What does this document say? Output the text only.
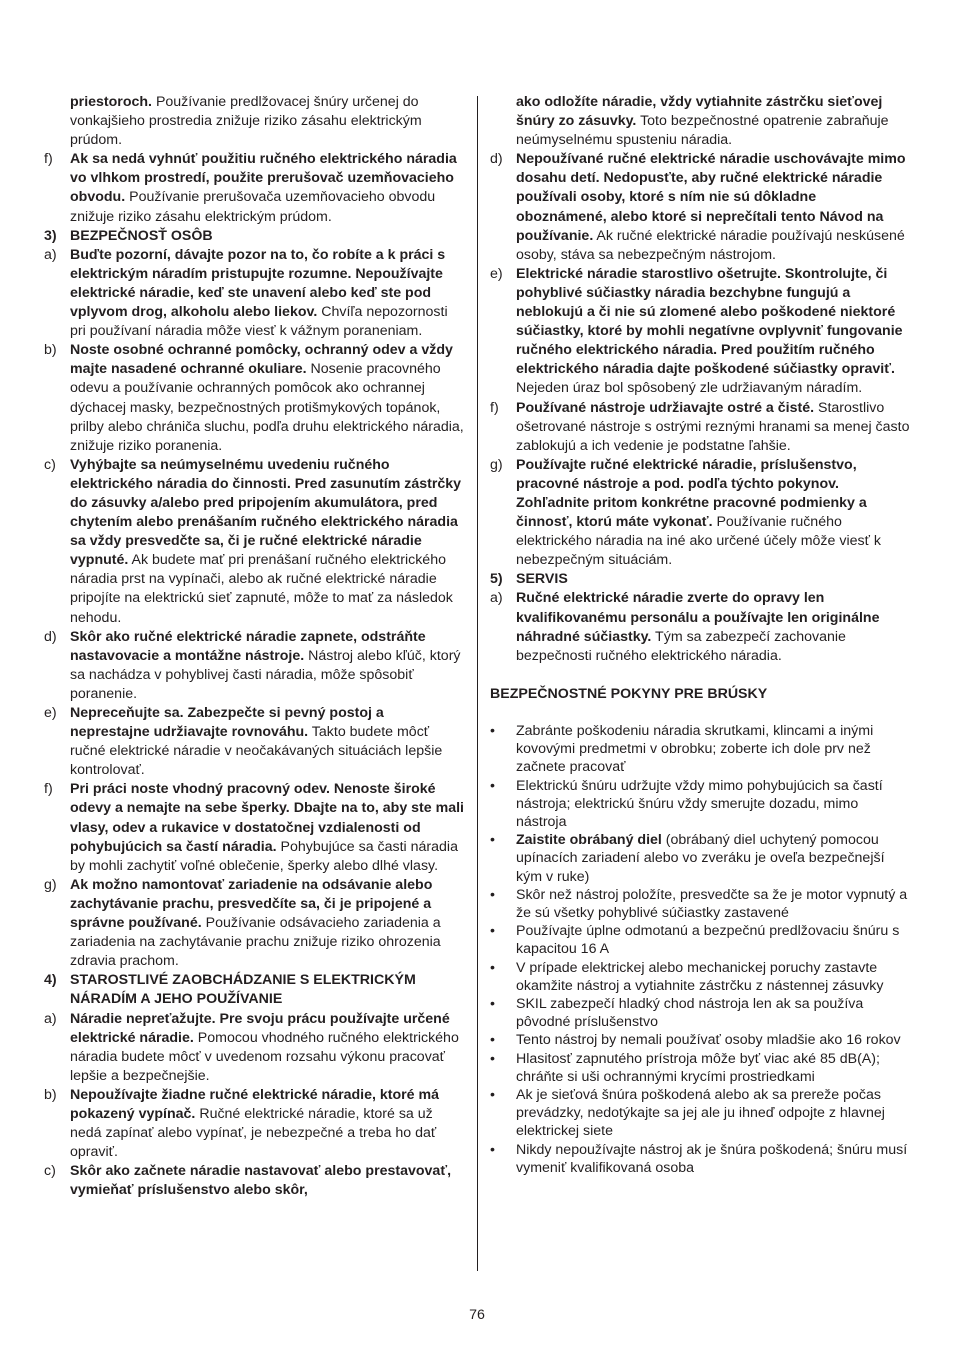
priestoroch. Používanie predlžovacej šnúry určenej do vonkajšieho prostredia znižuje riziko zásahu elektrickým prúdom.
f)	Ak sa nedá vyhnúť použitiu ručného elektrického náradia vo vlhkom prostredí, použite prerušovač uzemňovacieho obvodu. Používanie prerušovača uzemňovacieho obvodu znižuje riziko zásahu elektrickým prúdom.
3) BEZPEČNOSŤ OSÔB
a) Buďte pozorní, dávajte pozor na to, čo robíte a k práci s elektrickým náradím pristupujte rozumne. Nepoužívajte elektrické náradie, keď ste unavení alebo keď ste pod vplyvom drog, alkoholu alebo liekov. Chvíľa nepozornosti pri používaní náradia môže viesť k vážnym poraneniam.
b) Noste osobné ochranné pomôcky, ochranný odev a vždy majte nasadené ochranné okuliare. Nosenie pracovného odevu a používanie ochranných pomôcok ako ochrannej dýchacej masky, bezpečnostných protišmykových topánok, prilby alebo chrániča sluchu, podľa druhu elektrického náradia, znižuje riziko poranenia.
c) Vyhýbajte sa neúmyselnému uvedeniu ručného elektrického náradia do činnosti. Pred zasunutím zástrčky do zásuvky a/alebo pred pripojením akumulátora, pred chytením alebo prenášaním ručného elektrického náradia sa vždy presvedčte sa, či je ručné elektrické náradie vypnuté. Ak budete mať pri prenášaní ručného elektrického náradia prst na vypínači, alebo ak ručné elektrické náradie pripojíte na elektrickú sieť zapnuté, môže to mať za následok nehodu.
d) Skôr ako ručné elektrické náradie zapnete, odstráňte nastavovacie a montážne nástroje. Nástroj alebo kľúč, ktorý sa nachádza v pohyblivej časti náradia, môže spôsobiť poranenie.
e) Nepreceňujte sa. Zabezpečte si pevný postoj a neprestajne udržiavajte rovnováhu. Takto budete môcť ručné elektrické náradie v neočakávaných situáciách lepšie kontrolovať.
f)	Pri práci noste vhodný pracovný odev. Nenoste široké odevy a nemajte na sebe šperky. Dbajte na to, aby ste mali vlasy, odev a rukavice v dostatočnej vzdialenosti od pohybujúcich sa častí náradia. Pohybujúce sa časti náradia by mohli zachytiť voľné oblečenie, šperky alebo dlhé vlasy.
g) Ak možno namontovať zariadenie na odsávanie alebo zachytávanie prachu, presvedčíte sa, či je pripojené a správne používané. Používanie odsávacieho zariadenia a zariadenia na zachytávanie prachu znižuje riziko ohrozenia zdravia prachom.
4) STAROSTLIVÉ ZAOBCHÁDZANIE S ELEKTRICKÝM NÁRADÍM A JEHO POUŽÍVANIE
a) Náradie nepreťažujte. Pre svoju prácu používajte určené elektrické náradie. Pomocou vhodného ručného elektrického náradia budete môcť v uvedenom rozsahu výkonu pracovať lepšie a bezpečnejšie.
b) Nepoužívajte žiadne ručné elektrické náradie, ktoré má pokazený vypínač. Ručné elektrické náradie, ktoré sa už nedá zapínať alebo vypínať, je nebezpečné a treba ho dať opraviť.
c) Skôr ako začnete náradie nastavovať alebo prestavovať, vymieňať príslušenstvo alebo skôr,
ako odložíte náradie, vždy vytiahnite zástrčku sieťovej šnúry zo zásuvky. Toto bezpečnostné opatrenie zabraňuje neúmyselnému spusteniu náradia.
d) Nepoužívané ručné elektrické náradie uschovávajte mimo dosahu detí. Nedopusťte, aby ručné elektrické náradie používali osoby, ktoré s ním nie sú dôkladne oboznámené, alebo ktoré si neprečítali tento Návod na používanie. Ak ručné elektrické náradie používajú neskúsené osoby, stáva sa nebezpečným nástrojom.
e) Elektrické náradie starostlivo ošetrujte. Skontrolujte, či pohyblivé súčiastky náradia bezchybne fungujú a neblokujú a či nie sú zlomené alebo poškodené niektoré súčiastky, ktoré by mohli negatívne ovplyvniť fungovanie ručného elektrického náradia. Pred použitím ručného elektrického náradia dajte poškodené súčiastky opraviť. Nejeden úraz bol spôsobený zle udržiavaným náradím.
f)	Používané nástroje udržiavajte ostré a čisté. Starostlivo ošetrované nástroje s ostrými reznými hranami sa menej často zablokujú a ich vedenie je podstatne ľahšie.
g) Používajte ručné elektrické náradie, príslušenstvo, pracovné nástroje a pod. podľa týchto pokynov. Zohľadnite pritom konkrétne pracovné podmienky a činnosť, ktorú máte vykonať. Používanie ručného elektrického náradia na iné ako určené účely môže viesť k nebezpečným situáciám.
5) SERVIS
a) Ručné elektrické náradie zverte do opravy len kvalifikovanému personálu a používajte len originálne náhradné súčiastky. Tým sa zabezpečí zachovanie bezpečnosti ručného elektrického náradia.
BEZPEČNOSTNÉ POKYNY PRE BRÚSKY
•	Zabránte poškodeniu náradia skrutkami, klincami a inými kovovými predmetmi v obrobku; zoberte ich dole prv než začnete pracovať
•	Elektrickú šnúru udržujte vždy mimo pohybujúcich sa častí nástroja; elektrickú šnúru vždy smerujte dozadu, mimo nástroja
•	Zaistite obrábaný diel (obrábaný diel uchytený pomocou upínacích zariadení alebo vo zveráku je oveľa bezpečnejší kým v ruke)
•	Skôr než nástroj položíte, presvedčte sa že je motor vypnutý a že sú všetky pohyblivé súčiastky zastavené
•	Používajte úplne odmotanú a bezpečnú predlžovaciu šnúru s kapacitou 16 A
•	V prípade elektrickej alebo mechanickej poruchy zastavte okamžite nástroj a vytiahnite zástrčku z nástennej zásuvky
•	SKIL zabezpečí hladký chod nástroja len ak sa používa pôvodné príslušenstvo
•	Tento nástroj by nemali používať osoby mladšie ako 16 rokov
•	Hlasitosť zapnutého prístroja môže byť viac aké 85 dB(A); chráňte si uši ochrannými krycími prostriedkami
•	Ak je sieťová šnúra poškodená alebo ak sa prereže počas prevádzky, nedotýkajte sa jej ale ju ihneď odpojte z hlavnej elektrickej siete
•	Nikdy nepoužívajte nástroj ak je šnúra poškodená; šnúru musí vymeniť kvalifikovaná osoba
76
